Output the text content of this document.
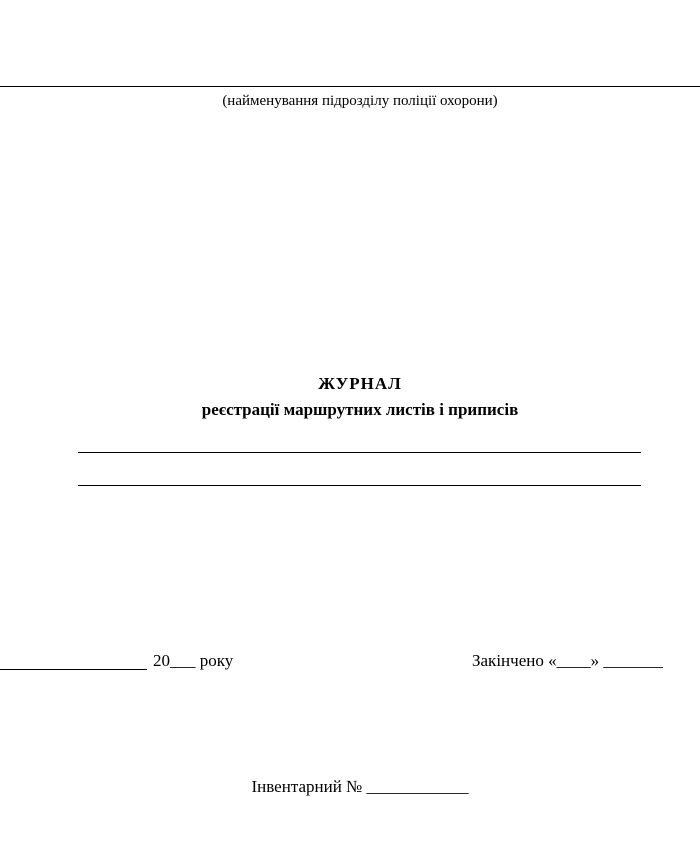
(найменування підрозділу поліції охорони)
ЖУРНАЛ
реєстрації маршрутних листів і приписів
20___ року	Закінчено «____» _______
Інвентарний № ____________
